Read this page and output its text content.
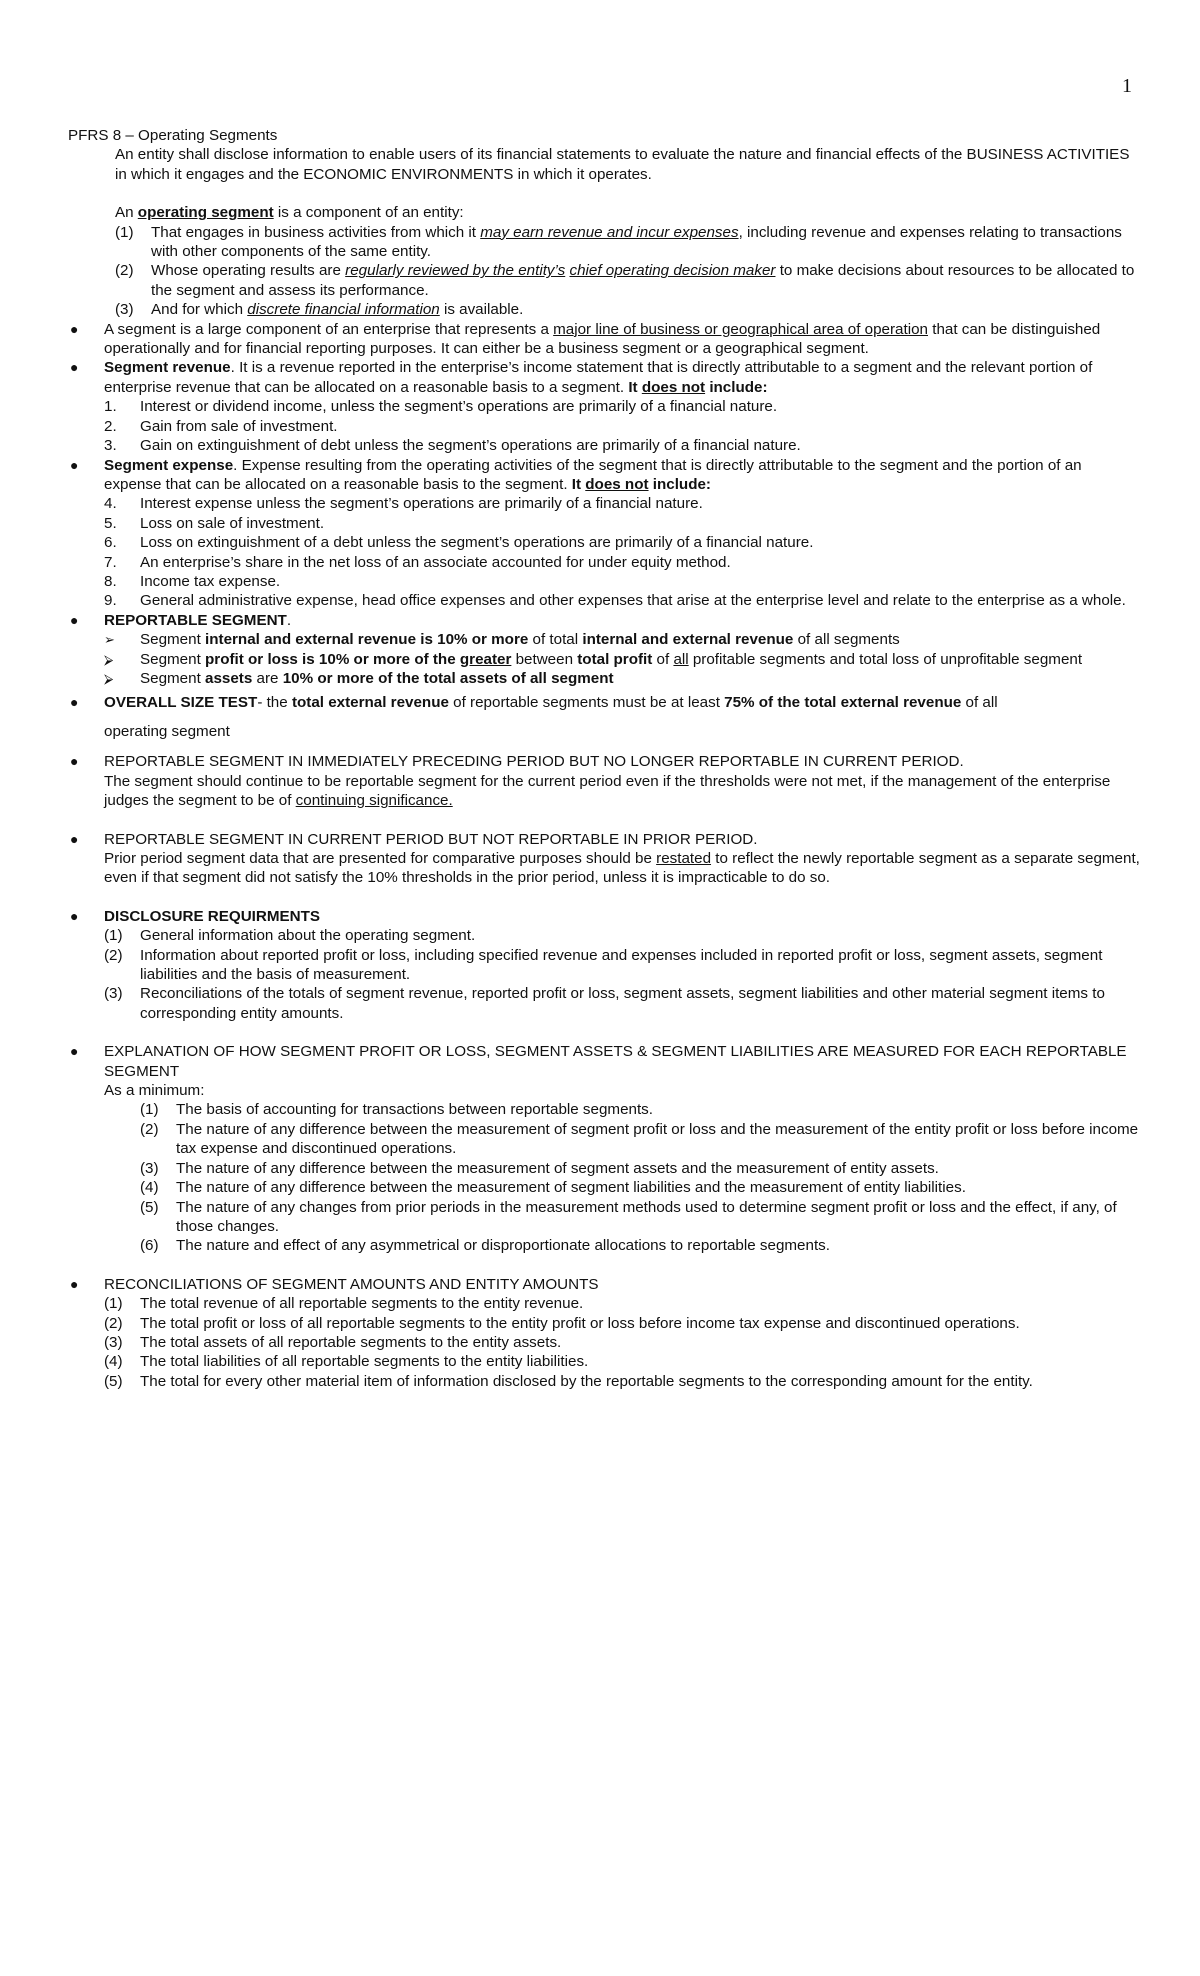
1
PFRS 8 – Operating Segments
An entity shall disclose information to enable users of its financial statements to evaluate the nature and financial effects of the BUSINESS ACTIVITIES in which it engages and the ECONOMIC ENVIRONMENTS in which it operates.
An operating segment is a component of an entity:
(1)	That engages in business activities from which it may earn revenue and incur expenses, including revenue and expenses relating to transactions with other components of the same entity.
(2)	Whose operating results are regularly reviewed by the entity’s chief operating decision maker to make decisions about resources to be allocated to the segment and assess its performance.
(3)	And for which discrete financial information is available.
●	A segment is a large component of an enterprise that represents a major line of business or geographical area of operation that can be distinguished operationally and for financial reporting purposes. It can either be a business segment or a geographical segment.
●	Segment revenue. It is a revenue reported in the enterprise’s income statement that is directly attributable to a segment and the relevant portion of enterprise revenue that can be allocated on a reasonable basis to a segment. It does not include:
1.	Interest or dividend income, unless the segment’s operations are primarily of a financial nature.
2.	Gain from sale of investment.
3.	Gain on extinguishment of debt unless the segment’s operations are primarily of a financial nature.
●	Segment expense. Expense resulting from the operating activities of the segment that is directly attributable to the segment and the portion of an expense that can be allocated on a reasonable basis to the segment. It does not include:
4.	Interest expense unless the segment’s operations are primarily of a financial nature.
5.	Loss on sale of investment.
6.	Loss on extinguishment of a debt unless the segment’s operations are primarily of a financial nature.
7.	An enterprise’s share in the net loss of an associate accounted for under equity method.
8.	Income tax expense.
9.	General administrative expense, head office expenses and other expenses that arise at the enterprise level and relate to the enterprise as a whole.
●	REPORTABLE SEGMENT.
➢	Segment internal and external revenue is 10% or more of total internal and external revenue of all segments
⮚	Segment profit or loss is 10% or more of the greater between total profit of all profitable segments and total loss of unprofitable segment
⮚	Segment assets are 10% or more of the total assets of all segment
●	OVERALL SIZE TEST- the total external revenue of reportable segments must be at least 75% of the total external revenue of all
operating segment
●	REPORTABLE SEGMENT IN IMMEDIATELY PRECEDING PERIOD BUT NO LONGER REPORTABLE IN CURRENT PERIOD.
The segment should continue to be reportable segment for the current period even if the thresholds were not met, if the management of the enterprise judges the segment to be of continuing significance.
●	REPORTABLE SEGMENT IN CURRENT PERIOD BUT NOT REPORTABLE IN PRIOR PERIOD.
Prior period segment data that are presented for comparative purposes should be restated to reflect the newly reportable segment as a separate segment, even if that segment did not satisfy the 10% thresholds in the prior period, unless it is impracticable to do so.
●	DISCLOSURE REQUIRMENTS
(1)	General information about the operating segment.
(2)	Information about reported profit or loss, including specified revenue and expenses included in reported profit or loss, segment assets, segment liabilities and the basis of measurement.
(3)	Reconciliations of the totals of segment revenue, reported profit or loss, segment assets, segment liabilities and other material segment items to corresponding entity amounts.
●	EXPLANATION OF HOW SEGMENT PROFIT OR LOSS, SEGMENT ASSETS & SEGMENT LIABILITIES ARE MEASURED FOR EACH REPORTABLE SEGMENT
As a minimum:
(1)	The basis of accounting for transactions between reportable segments.
(2)	The nature of any difference between the measurement of segment profit or loss and the measurement of the entity profit or loss before income tax expense and discontinued operations.
(3)	The nature of any difference between the measurement of segment assets and the measurement of entity assets.
(4)	The nature of any difference between the measurement of segment liabilities and the measurement of entity liabilities.
(5)	The nature of any changes from prior periods in the measurement methods used to determine segment profit or loss and the effect, if any, of those changes.
(6)	The nature and effect of any asymmetrical or disproportionate allocations to reportable segments.
●	RECONCILIATIONS OF SEGMENT AMOUNTS AND ENTITY AMOUNTS
(1)	The total revenue of all reportable segments to the entity revenue.
(2)	The total profit or loss of all reportable segments to the entity profit or loss before income tax expense and discontinued operations.
(3)	The total assets of all reportable segments to the entity assets.
(4)	The total liabilities of all reportable segments to the entity liabilities.
(5)	The total for every other material item of information disclosed by the reportable segments to the corresponding amount for the entity.
